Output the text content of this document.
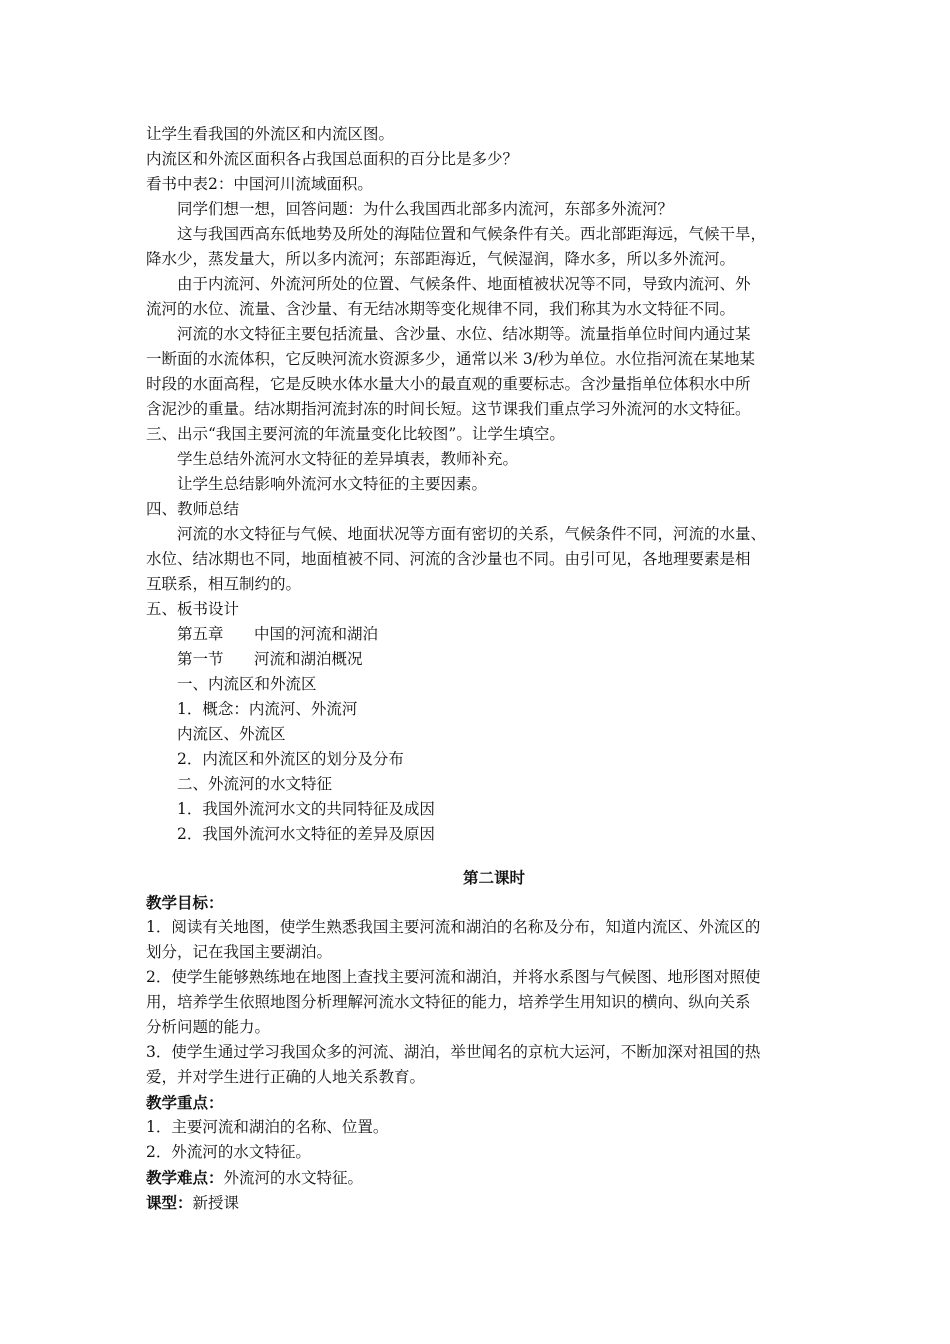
让学生看我国的外流区和内流区图。
内流区和外流区面积各占我国总面积的百分比是多少？
看书中表2：中国河川流域面积。
同学们想一想，回答问题：为什么我国西北部多内流河，东部多外流河？
这与我国西高东低地势及所处的海陆位置和气候条件有关。西北部距海远，气候干旱，
降水少，蒸发量大，所以多内流河；东部距海近，气候湿润，降水多，所以多外流河。
由于内流河、外流河所处的位置、气候条件、地面植被状况等不同，导致内流河、外
流河的水位、流量、含沙量、有无结冰期等变化规律不同，我们称其为水文特征不同。
河流的水文特征主要包括流量、含沙量、水位、结冰期等。流量指单位时间内通过某
一断面的水流体积，它反映河流水资源多少，通常以米 3/秒为单位。水位指河流在某地某
时段的水面高程，它是反映水体水量大小的最直观的重要标志。含沙量指单位体积水中所
含泥沙的重量。结冰期指河流封冻的时间长短。这节课我们重点学习外流河的水文特征。
三、出示“我国主要河流的年流量变化比较图”。让学生填空。
学生总结外流河水文特征的差异填表，教师补充。
让学生总结影响外流河水文特征的主要因素。
四、教师总结
河流的水文特征与气候、地面状况等方面有密切的关系，气候条件不同，河流的水量、
水位、结冰期也不同，地面植被不同、河流的含沙量也不同。由引可见，各地理要素是相
互联系，相互制约的。
五、板书设计
第五章 中国的河流和湖泊
第一节 河流和湖泊概况
一、内流区和外流区
1．概念：内流河、外流河
内流区、外流区
2．内流区和外流区的划分及分布
二、外流河的水文特征
1．我国外流河水文的共同特征及成因
2．我国外流河水文特征的差异及原因
第二课时
教学目标：
1．阅读有关地图，使学生熟悉我国主要河流和湖泊的名称及分布，知道内流区、外流区的
划分，记在我国主要湖泊。
2．使学生能够熟练地在地图上查找主要河流和湖泊，并将水系图与气候图、地形图对照使
用，培养学生依照地图分析理解河流水文特征的能力，培养学生用知识的横向、纵向关系
分析问题的能力。
3．使学生通过学习我国众多的河流、湖泊，举世闻名的京杭大运河，不断加深对祖国的热
爱，并对学生进行正确的人地关系教育。
教学重点：
1．主要河流和湖泊的名称、位置。
2．外流河的水文特征。
教学难点：外流河的水文特征。
课型：新授课
